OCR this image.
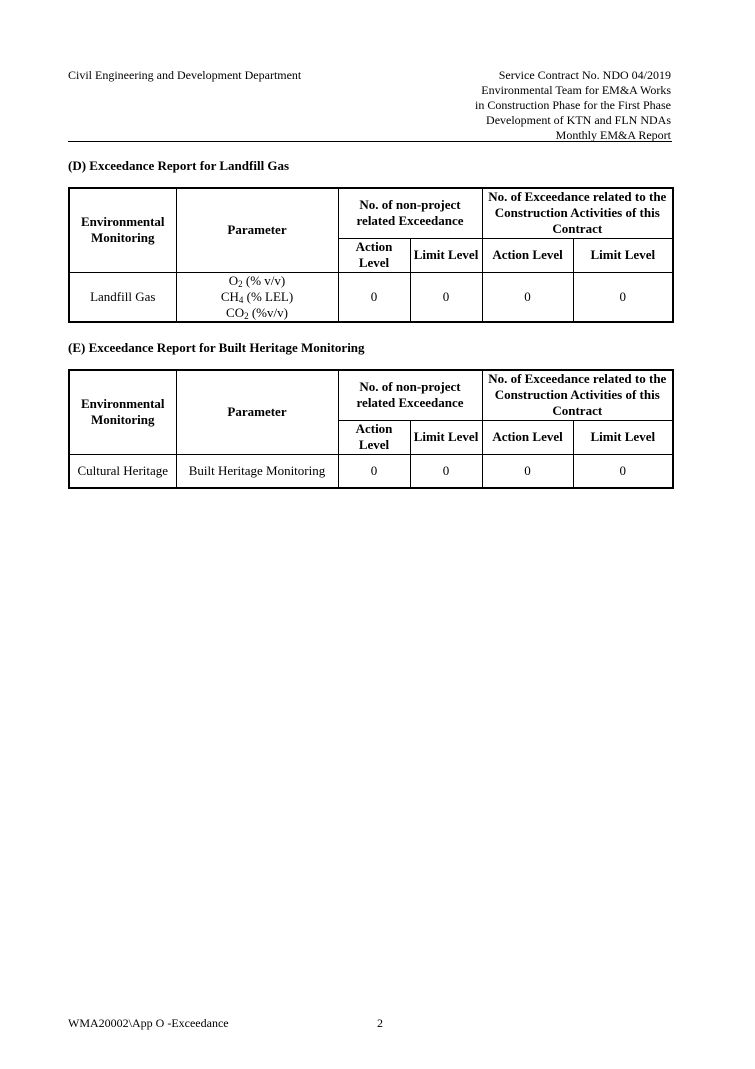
Civil Engineering and Development Department	Service Contract No. NDO 04/2019
Environmental Team for EM&A Works
in Construction Phase for the First Phase
Development of KTN and FLN NDAs
Monthly EM&A Report
(D) Exceedance Report for Landfill Gas
Environmental Monitoring	Parameter	No. of non-project related Exceedance		No. of Exceedance related to the Construction Activities of this Contract	
		Action Level	Limit Level	Action Level	Limit Level
Landfill Gas	$O_2$ (% v/v)
$CH_4$ (% LEL)
$CO_2$ (%v/v)	0	0	0	0
(E) Exceedance Report for Built Heritage Monitoring
Environmental Monitoring	Parameter	No. of non-project related Exceedance		No. of Exceedance related to the Construction Activities of this Contract	
		Action Level	Limit Level	Action Level	Limit Level
Cultural Heritage	Built Heritage Monitoring	0	0	0	0
WMA20002\App O -Exceedance	2
